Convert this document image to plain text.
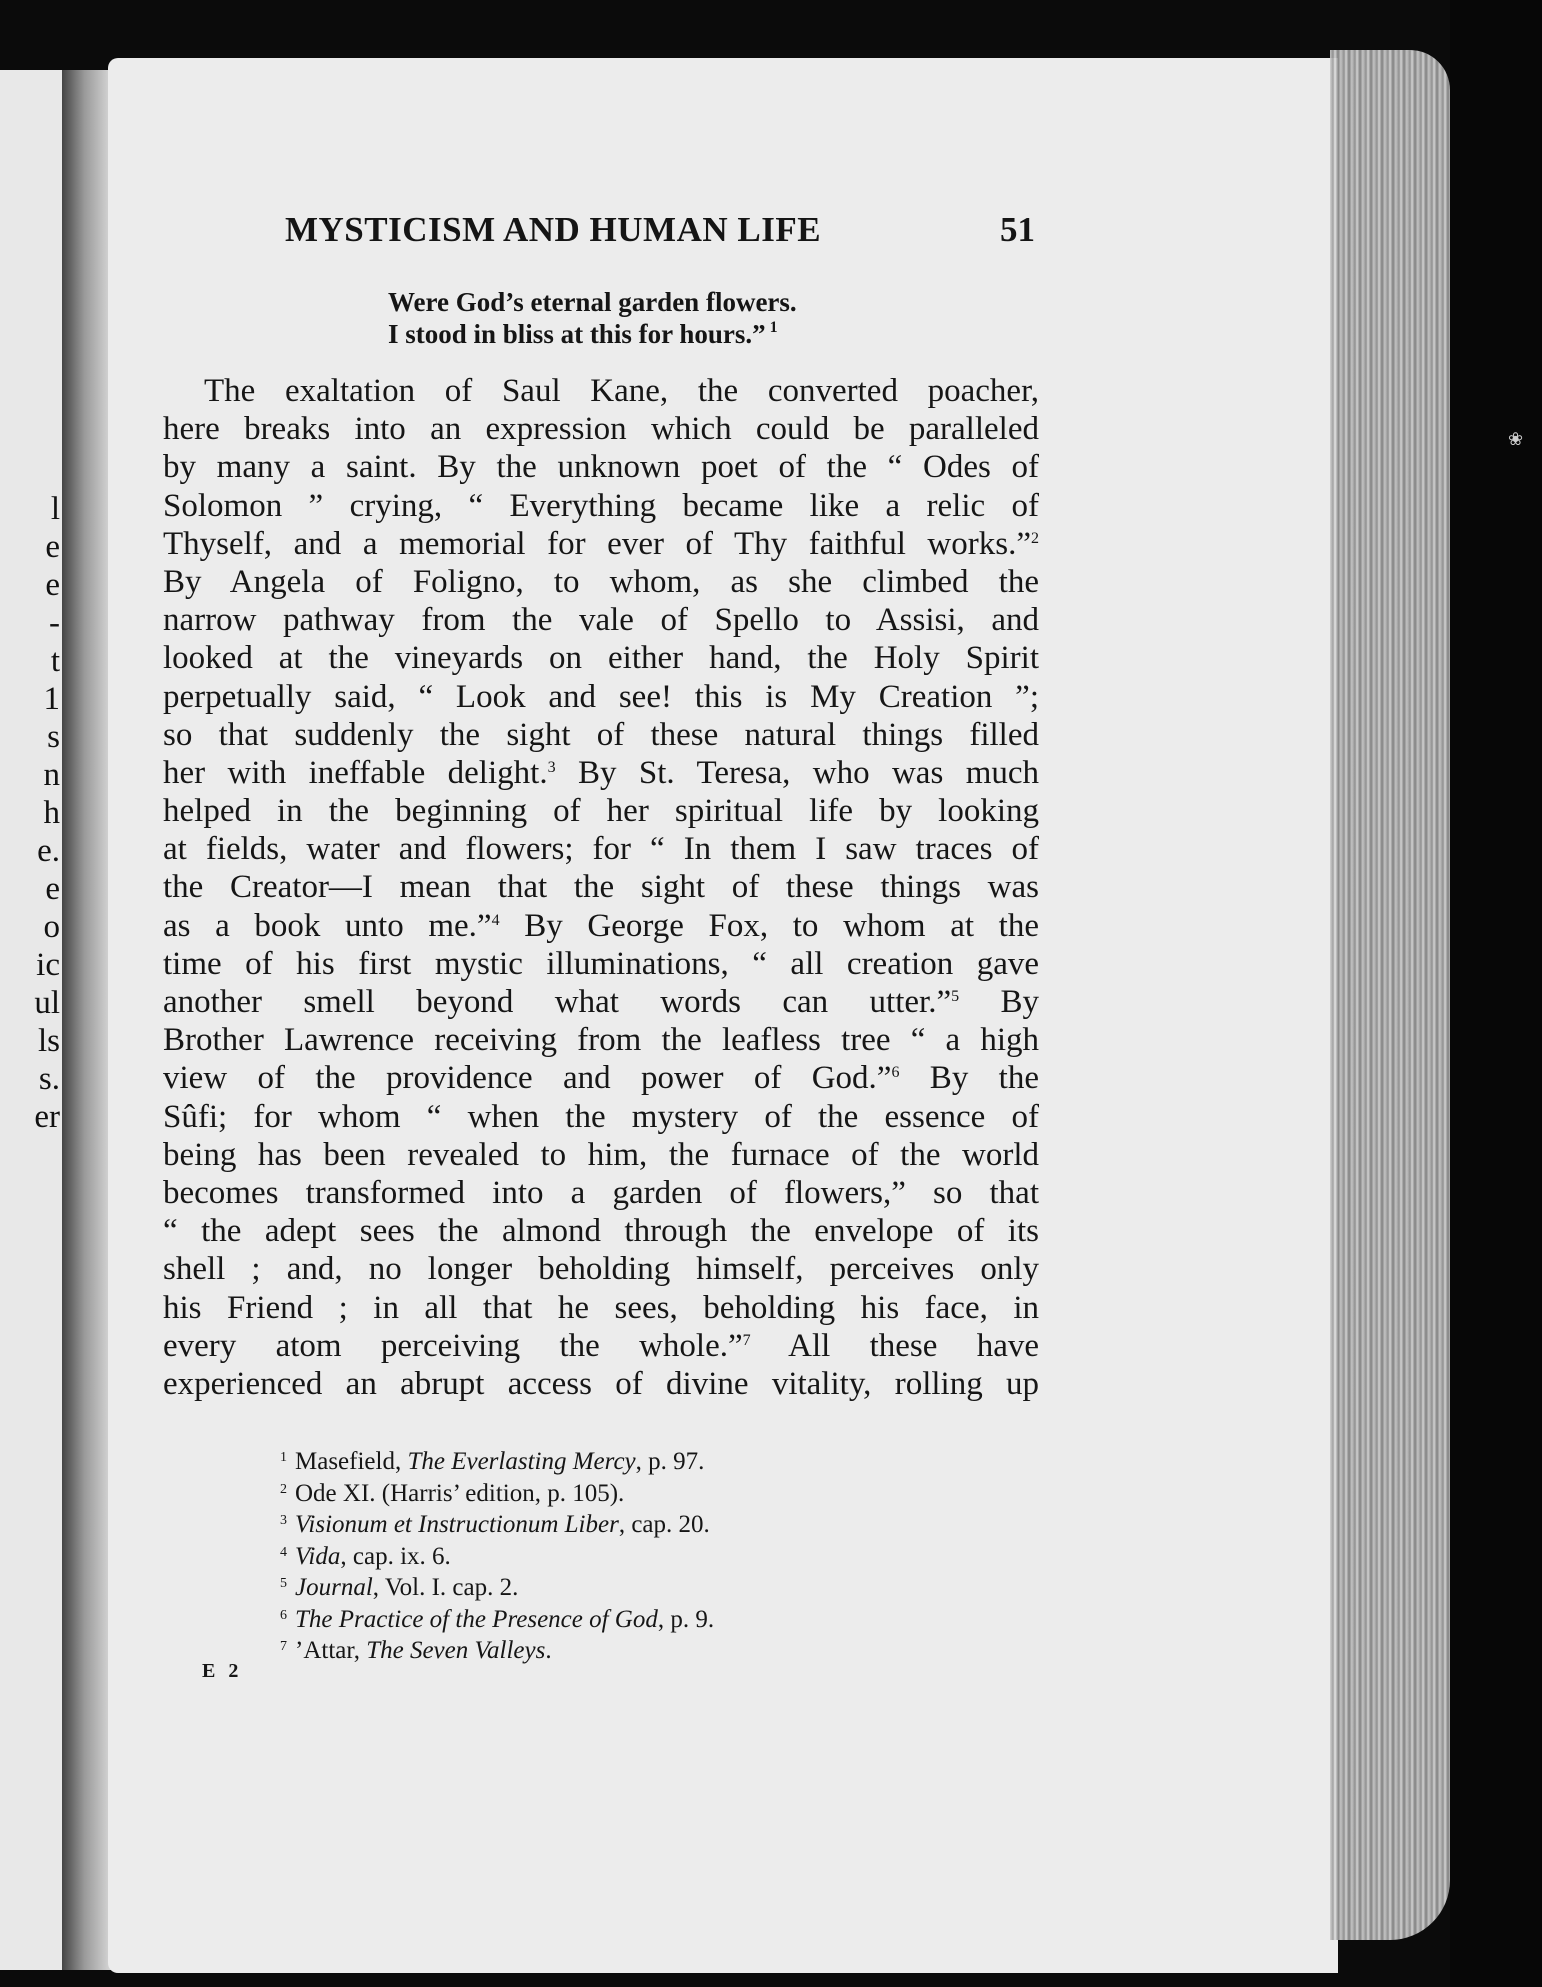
l
e
e
-
t
1
s
n
h
e.
e
o
ic
ul
ls
s.
er
❀
MYSTICISM AND HUMAN LIFE	51
Were God’s eternal garden flowers.
I stood in bliss at this for hours.” $^1$
The exaltation of Saul Kane, the converted poacher,
here breaks into an expression which could be paralleled
by many a saint. By the unknown poet of the “ Odes of
Solomon ” crying, “ Everything became like a relic of
Thyself, and a memorial for ever of Thy faithful works.”$^2$
By Angela of Foligno, to whom, as she climbed the
narrow pathway from the vale of Spello to Assisi, and
looked at the vineyards on either hand, the Holy Spirit
perpetually said, “ Look and see! this is My Creation ”;
so that suddenly the sight of these natural things filled
her with ineffable delight.$^3$ By St. Teresa, who was much
helped in the beginning of her spiritual life by looking
at fields, water and flowers; for “ In them I saw traces of
the Creator—I mean that the sight of these things was
as a book unto me.”$^4$ By George Fox, to whom at the
time of his first mystic illuminations, “ all creation gave
another smell beyond what words can utter.”$^5$ By
Brother Lawrence receiving from the leafless tree “ a high
view of the providence and power of God.”$^6$ By the
Sûfi; for whom “ when the mystery of the essence of
being has been revealed to him, the furnace of the world
becomes transformed into a garden of flowers,” so that
“ the adept sees the almond through the envelope of its
shell ; and, no longer beholding himself, perceives only
his Friend ; in all that he sees, beholding his face, in
every atom perceiving the whole.”$^7$ All these have
experienced an abrupt access of divine vitality, rolling up
$^1$ Masefield, The Everlasting Mercy, p. 97.
$^2$ Ode XI. (Harris’ edition, p. 105).
$^3$ Visionum et Instructionum Liber, cap. 20.
$^4$ Vida, cap. ix. 6.
$^5$ Journal, Vol. I. cap. 2.
$^6$ The Practice of the Presence of God, p. 9.
$^7$ ’Attar, The Seven Valleys.
E 2
